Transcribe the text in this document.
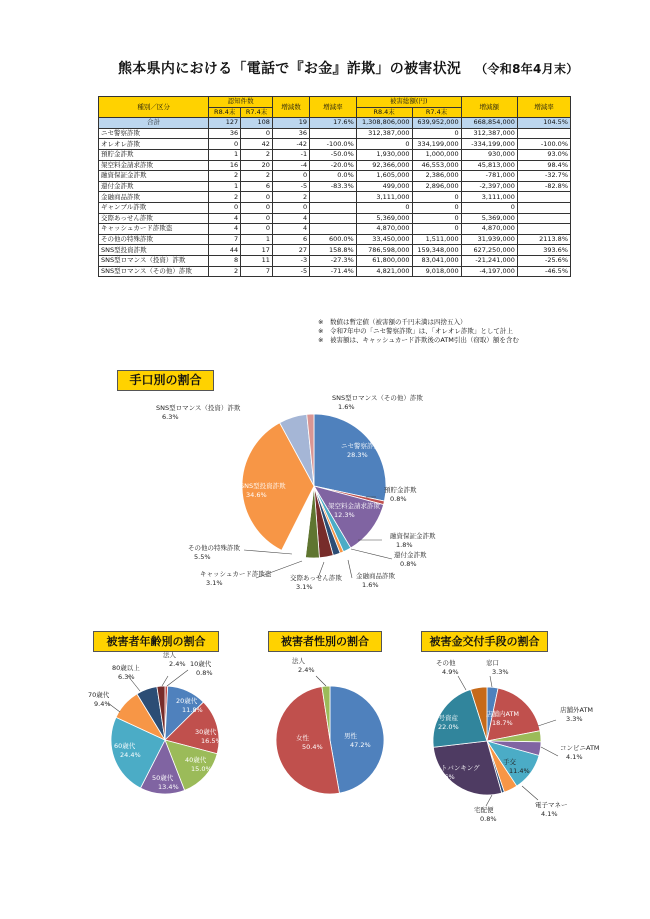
熊本県内における「電話で『お金』詐欺」の被害状況 （令和8年4月末）
種別／区分	認知件数		増減数	増減率	被害総額(円)		増減額	増減率
	R8.4末	R7.4末			R8.4末	R7.4末		
合計	127	108	19	17.6%	1,308,806,000	639,952,000	668,854,000	104.5%
ニセ警察詐欺	36	0	36		312,387,000	0	312,387,000	
オレオレ詐欺	0	42	-42	-100.0%	0	334,199,000	-334,199,000	-100.0%
預貯金詐欺	1	2	-1	-50.0%	1,930,000	1,000,000	930,000	93.0%
架空料金請求詐欺	16	20	-4	-20.0%	92,366,000	46,553,000	45,813,000	98.4%
融資保証金詐欺	2	2	0	0.0%	1,605,000	2,386,000	-781,000	-32.7%
還付金詐欺	1	6	-5	-83.3%	499,000	2,896,000	-2,397,000	-82.8%
金融商品詐欺	2	0	2		3,111,000	0	3,111,000	
ギャンブル詐欺	0	0	0		0	0	0	
交際あっせん詐欺	4	0	4		5,369,000	0	5,369,000	
キャッシュカード詐欺盗	4	0	4		4,870,000	0	4,870,000	
その他の特殊詐欺	7	1	6	600.0%	33,450,000	1,511,000	31,939,000	2113.8%
SNS型投資詐欺	44	17	27	158.8%	786,598,000	159,348,000	627,250,000	393.6%
SNS型ロマンス（投資）詐欺	8	11	-3	-27.3%	61,800,000	83,041,000	-21,241,000	-25.6%
SNS型ロマンス（その他）詐欺	2	7	-5	-71.4%	4,821,000	9,018,000	-4,197,000	-46.5%
※　数値は暫定値（被害額の千円未満は四捨五入）
※　令和7年中の「ニセ警察詐欺」は、「オレオレ詐欺」として計上
※　被害額は、キャッシュカード詐欺後のATM引出（窃取）額を含む
手口別の割合
被害者年齢別の割合	被害者性別の割合	被害金交付手段の割合
ニセ警察詐欺
28.3%
預貯金詐欺
0.8%
架空料金請求詐欺
12.3%
融資保証金詐欺
1.8%
還付金詐欺
0.8%
金融商品詐欺
1.6%
交際あっせん詐欺
3.1%
キャッシュカード詐欺盗
3.1%
その他の特殊詐欺
5.5%
SNS型投資詐欺
34.6%
SNS型ロマンス（投資）詐欺
6.3%
SNS型ロマンス（その他）詐欺
1.6%
10歳代
0.8%
20歳代
11.8%
30歳代
16.5%
40歳代
15.0%
50歳代
13.4%
60歳代
24.4%
70歳代
9.4%
80歳以上
6.3%
法人
2.4%
男性
47.2%
女性
50.4%
法人
2.4%
窓口
3.3%
店舗内ATM
18.7%
店舗外ATM
3.3%
コンビニATM
4.1%
手交
11.4%
電子マネー
4.1%
宅配便
0.8%
ネットバンキング
27.6%
暗号資産
22.0%
その他
4.9%
